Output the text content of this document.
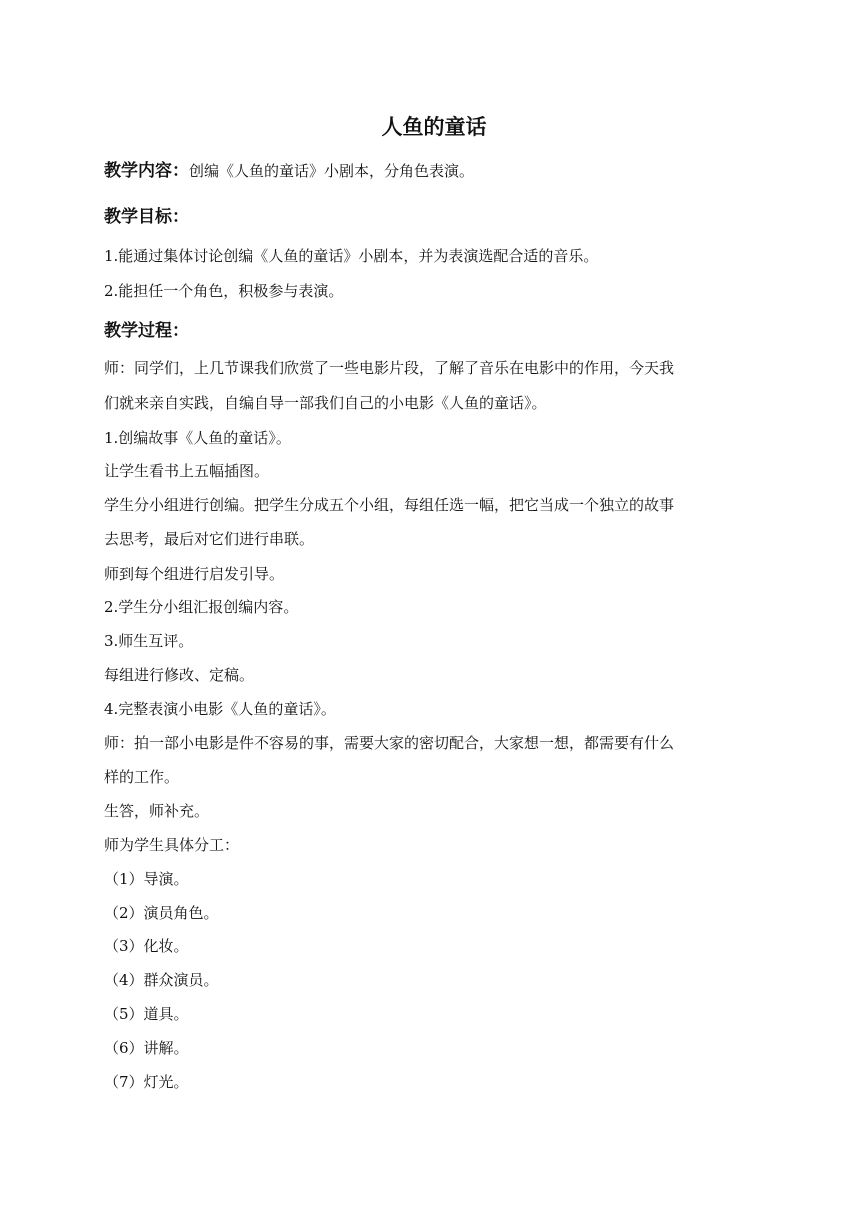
人鱼的童话

教学内容：创编《人鱼的童话》小剧本，分角色表演。

教学目标：

1.能通过集体讨论创编《人鱼的童话》小剧本，并为表演选配合适的音乐。

2.能担任一个角色，积极参与表演。

教学过程：

师：同学们，上几节课我们欣赏了一些电影片段，了解了音乐在电影中的作用，今天我

们就来亲自实践，自编自导一部我们自己的小电影《人鱼的童话》。

1.创编故事《人鱼的童话》。

让学生看书上五幅插图。

学生分小组进行创编。把学生分成五个小组，每组任选一幅，把它当成一个独立的故事

去思考，最后对它们进行串联。

师到每个组进行启发引导。

2.学生分小组汇报创编内容。

3.师生互评。

每组进行修改、定稿。

4.完整表演小电影《人鱼的童话》。

师：拍一部小电影是件不容易的事，需要大家的密切配合，大家想一想，都需要有什么

样的工作。

生答，师补充。

师为学生具体分工：

（1）导演。

（2）演员角色。

（3）化妆。

（4）群众演员。

（5）道具。

（6）讲解。

（7）灯光。
